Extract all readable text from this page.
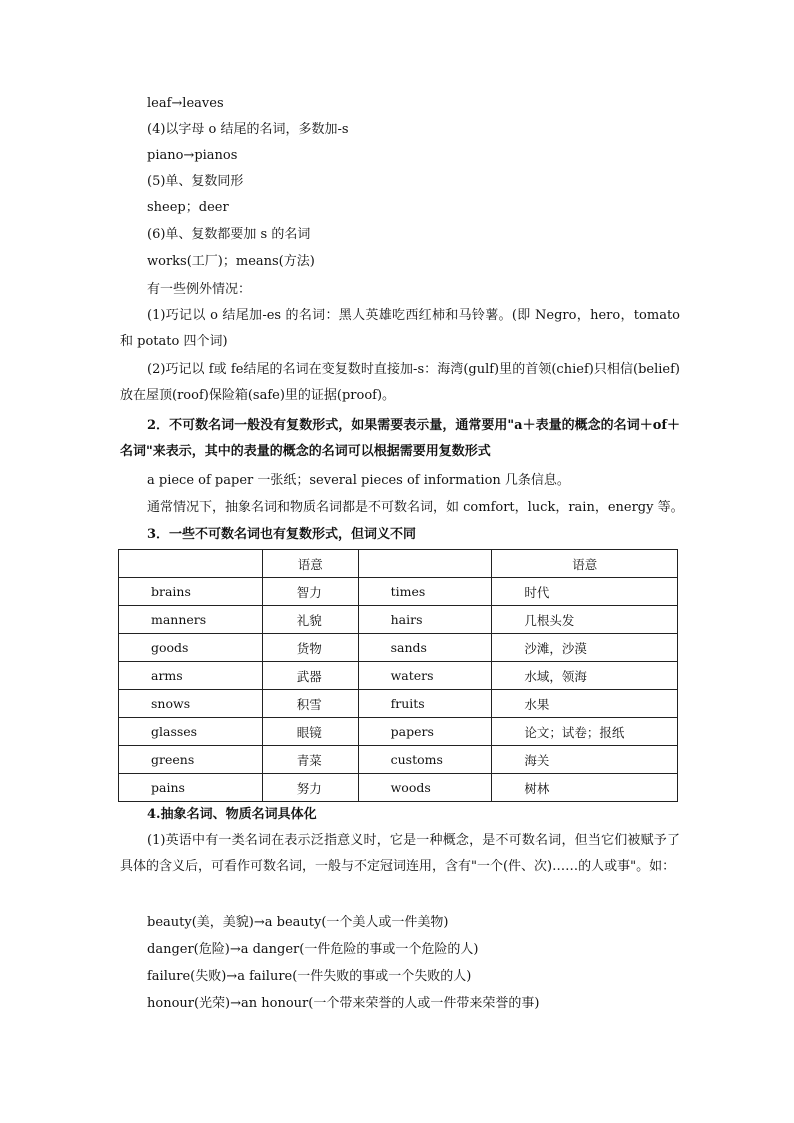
leaf→leaves
(4)以字母 o 结尾的名词，多数加-s
piano→pianos
(5)单、复数同形
sheep；deer
(6)单、复数都要加 s 的名词
works(工厂)；means(方法)
有一些例外情况：
(1)巧记以 o 结尾加-es 的名词：黑人英雄吃西红柿和马铃薯。(即 Negro，hero，tomato 和 potato 四个词)
(2)巧记以 f或 fe结尾的名词在变复数时直接加-s：海湾(gulf)里的首领(chief)只相信(belief)放在屋顶(roof)保险箱(safe)里的证据(proof)。
2．不可数名词一般没有复数形式，如果需要表示量，通常要用"a＋表量的概念的名词＋of＋名词"来表示，其中的表量的概念的名词可以根据需要用复数形式
a piece of paper 一张纸；several pieces of information 几条信息。
通常情况下，抽象名词和物质名词都是不可数名词，如 comfort，luck，rain，energy 等。
3．一些不可数名词也有复数形式，但词义不同
	语意		语意
brains	智力	times	时代
manners	礼貌	hairs	几根头发
goods	货物	sands	沙滩，沙漠
arms	武器	waters	水域，领海
snows	积雪	fruits	水果
glasses	眼镜	papers	论文；试卷；报纸
greens	青菜	customs	海关
pains	努力	woods	树林
4.抽象名词、物质名词具体化
(1)英语中有一类名词在表示泛指意义时，它是一种概念，是不可数名词，但当它们被赋予了具体的含义后，可看作可数名词，一般与不定冠词连用，含有"一个(件、次)……的人或事"。如：
beauty(美，美貌)→a beauty(一个美人或一件美物)
danger(危险)→a danger(一件危险的事或一个危险的人)
failure(失败)→a failure(一件失败的事或一个失败的人)
honour(光荣)→an honour(一个带来荣誉的人或一件带来荣誉的事)
